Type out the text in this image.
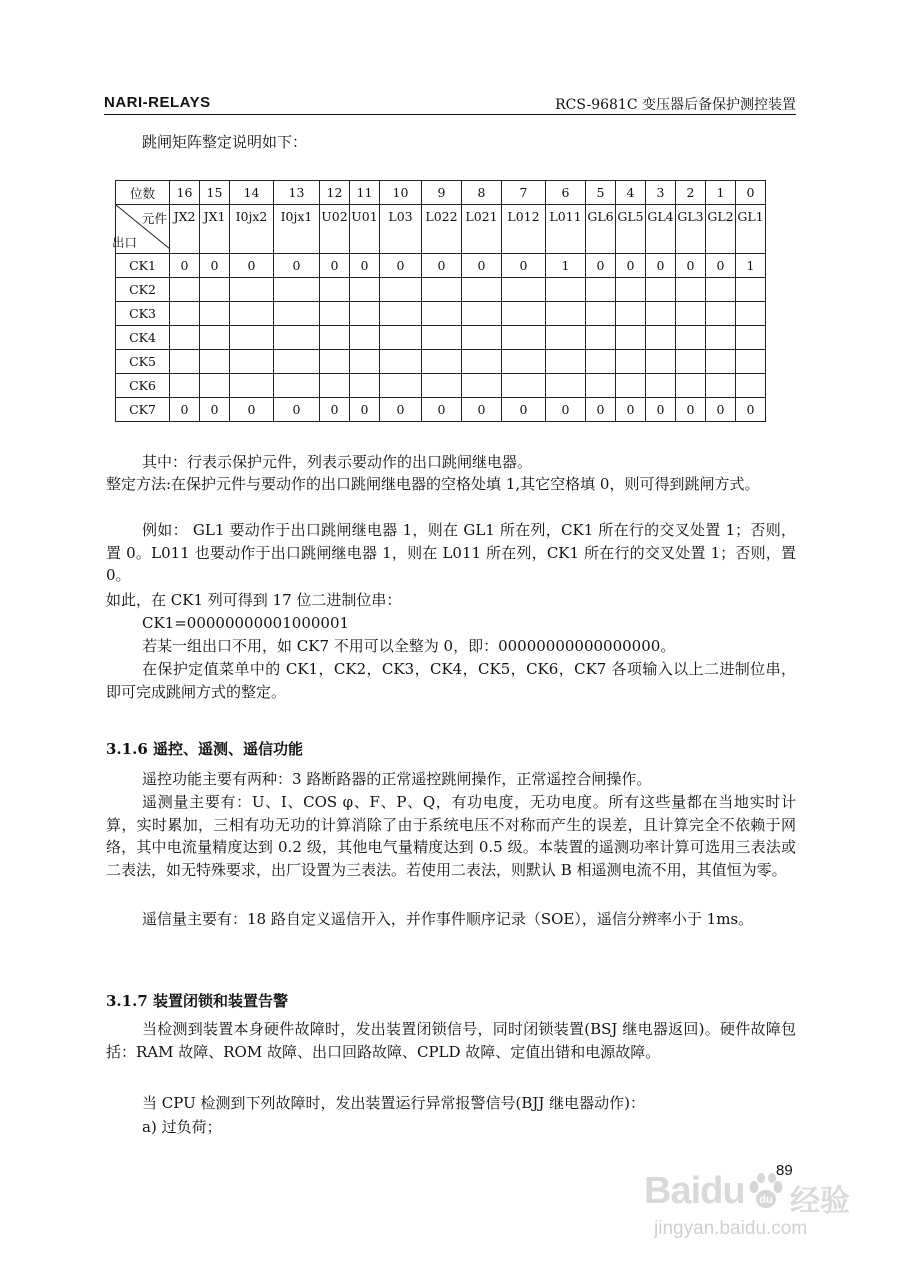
NARI-RELAYS	RCS-9681C 变压器后备保护测控装置

跳闸矩阵整定说明如下：

位数	16	15	14	13	12	11	10	9	8	7	6	5	4	3	2	1	0

元件
出口	JX2	JX1	I0jx2	I0jx1	U02	U01	L03	L022	L021	L012	L011	GL6	GL5	GL4	GL3	GL2	GL1
CK1	0	0	0	0	0	0	0	0	0	0	1	0	0	0	0	0	1
CK2																	
CK3																	
CK4																	
CK5																	
CK6																	
CK7	0	0	0	0	0	0	0	0	0	0	0	0	0	0	0	0	0

其中：行表示保护元件，列表示要动作的出口跳闸继电器。

整定方法:在保护元件与要动作的出口跳闸继电器的空格处填 1,其它空格填 0，则可得到跳闸方式。

例如： GL1 要动作于出口跳闸继电器 1，则在 GL1 所在列，CK1 所在行的交叉处置 1；否则，置 0。L011 也要动作于出口跳闸继电器 1，则在 L011 所在列，CK1 所在行的交叉处置 1；否则，置 0。

如此，在 CK1 列可得到 17 位二进制位串：

CK1=00000000001000001

若某一组出口不用，如 CK7 不用可以全整为 0，即：00000000000000000。

在保护定值菜单中的 CK1，CK2，CK3，CK4，CK5，CK6，CK7 各项输入以上二进制位串，即可完成跳闸方式的整定。

3.1.6 遥控、遥测、遥信功能

遥控功能主要有两种：3 路断路器的正常遥控跳闸操作，正常遥控合闸操作。

遥测量主要有：U、I、COS φ、F、P、Q，有功电度，无功电度。所有这些量都在当地实时计算，实时累加，三相有功无功的计算消除了由于系统电压不对称而产生的误差，且计算完全不依赖于网络，其中电流量精度达到 0.2 级，其他电气量精度达到 0.5 级。本装置的遥测功率计算可选用三表法或二表法，如无特殊要求，出厂设置为三表法。若使用二表法，则默认 B 相遥测电流不用，其值恒为零。

遥信量主要有：18 路自定义遥信开入，并作事件顺序记录（SOE），遥信分辨率小于 1ms。

3.1.7 装置闭锁和装置告警

当检测到装置本身硬件故障时，发出装置闭锁信号，同时闭锁装置(BSJ 继电器返回)。硬件故障包括：RAM 故障、ROM 故障、出口回路故障、CPLD 故障、定值出错和电源故障。

当 CPU 检测到下列故障时，发出装置运行异常报警信号(BJJ 继电器动作)：

a) 过负荷；

89
Baidu du 经验
jingyan.baidu.com
